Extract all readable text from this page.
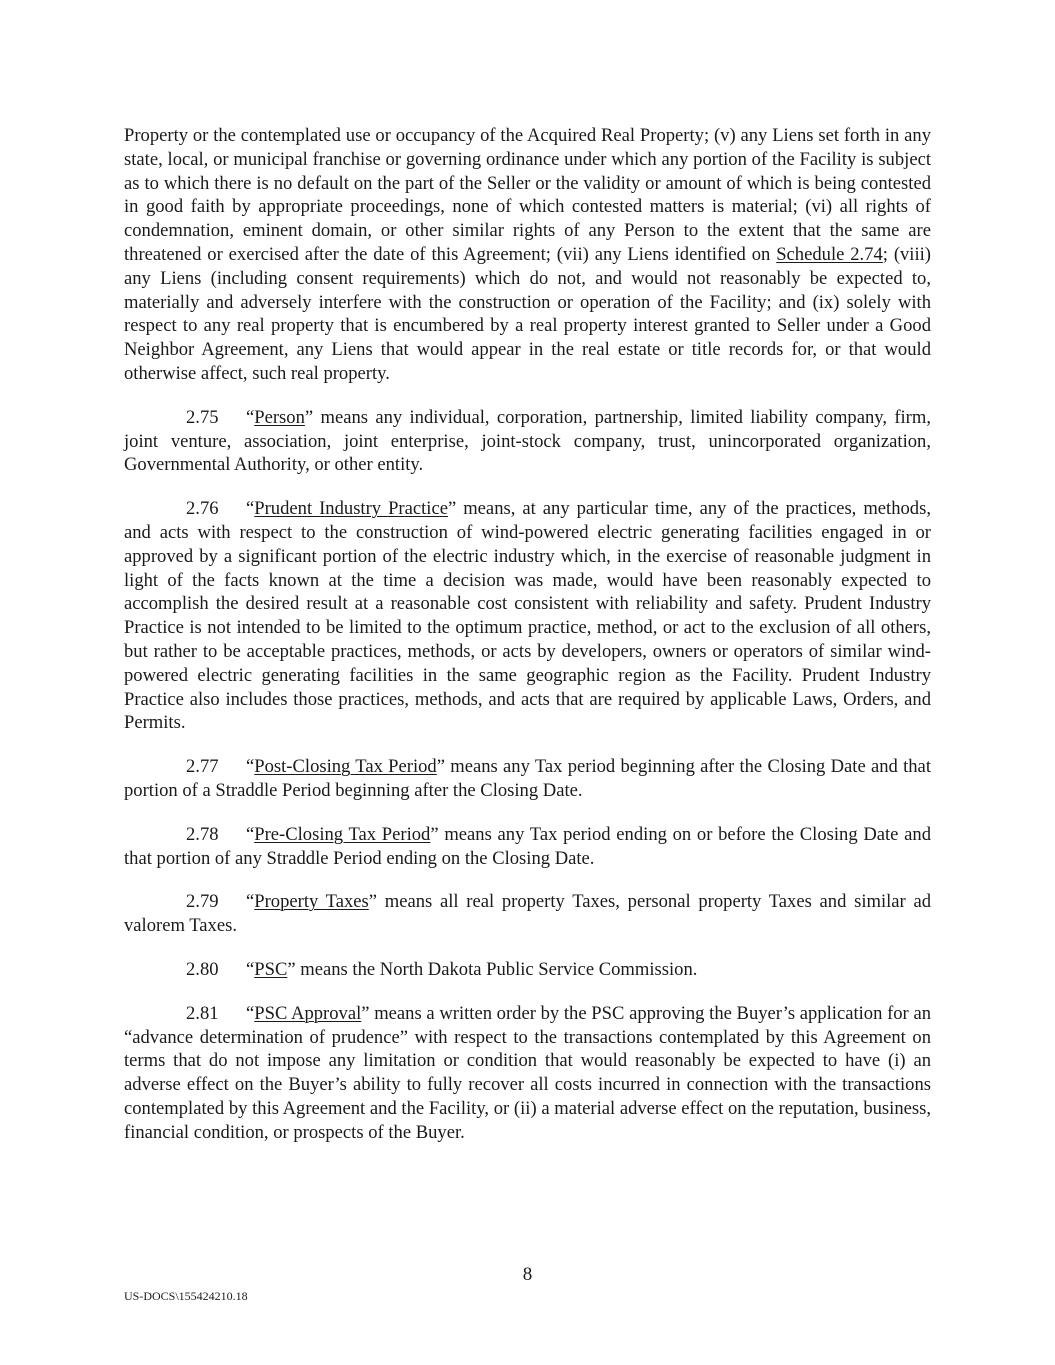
Property or the contemplated use or occupancy of the Acquired Real Property; (v) any Liens set forth in any state, local, or municipal franchise or governing ordinance under which any portion of the Facility is subject as to which there is no default on the part of the Seller or the validity or amount of which is being contested in good faith by appropriate proceedings, none of which contested matters is material; (vi) all rights of condemnation, eminent domain, or other similar rights of any Person to the extent that the same are threatened or exercised after the date of this Agreement; (vii) any Liens identified on Schedule 2.74; (viii) any Liens (including consent requirements) which do not, and would not reasonably be expected to, materially and adversely interfere with the construction or operation of the Facility; and (ix) solely with respect to any real property that is encumbered by a real property interest granted to Seller under a Good Neighbor Agreement, any Liens that would appear in the real estate or title records for, or that would otherwise affect, such real property.

2.75 “Person” means any individual, corporation, partnership, limited liability company, firm, joint venture, association, joint enterprise, joint-stock company, trust, unincorporated organization, Governmental Authority, or other entity.

2.76 “Prudent Industry Practice” means, at any particular time, any of the practices, methods, and acts with respect to the construction of wind-powered electric generating facilities engaged in or approved by a significant portion of the electric industry which, in the exercise of reasonable judgment in light of the facts known at the time a decision was made, would have been reasonably expected to accomplish the desired result at a reasonable cost consistent with reliability and safety. Prudent Industry Practice is not intended to be limited to the optimum practice, method, or act to the exclusion of all others, but rather to be acceptable practices, methods, or acts by developers, owners or operators of similar wind-powered electric generating facilities in the same geographic region as the Facility. Prudent Industry Practice also includes those practices, methods, and acts that are required by applicable Laws, Orders, and Permits.

2.77 “Post-Closing Tax Period” means any Tax period beginning after the Closing Date and that portion of a Straddle Period beginning after the Closing Date.

2.78 “Pre-Closing Tax Period” means any Tax period ending on or before the Closing Date and that portion of any Straddle Period ending on the Closing Date.

2.79 “Property Taxes” means all real property Taxes, personal property Taxes and similar ad valorem Taxes.

2.80 “PSC” means the North Dakota Public Service Commission.

2.81 “PSC Approval” means a written order by the PSC approving the Buyer’s application for an “advance determination of prudence” with respect to the transactions contemplated by this Agreement on terms that do not impose any limitation or condition that would reasonably be expected to have (i) an adverse effect on the Buyer’s ability to fully recover all costs incurred in connection with the transactions contemplated by this Agreement and the Facility, or (ii) a material adverse effect on the reputation, business, financial condition, or prospects of the Buyer.

8
US-DOCS\155424210.18
